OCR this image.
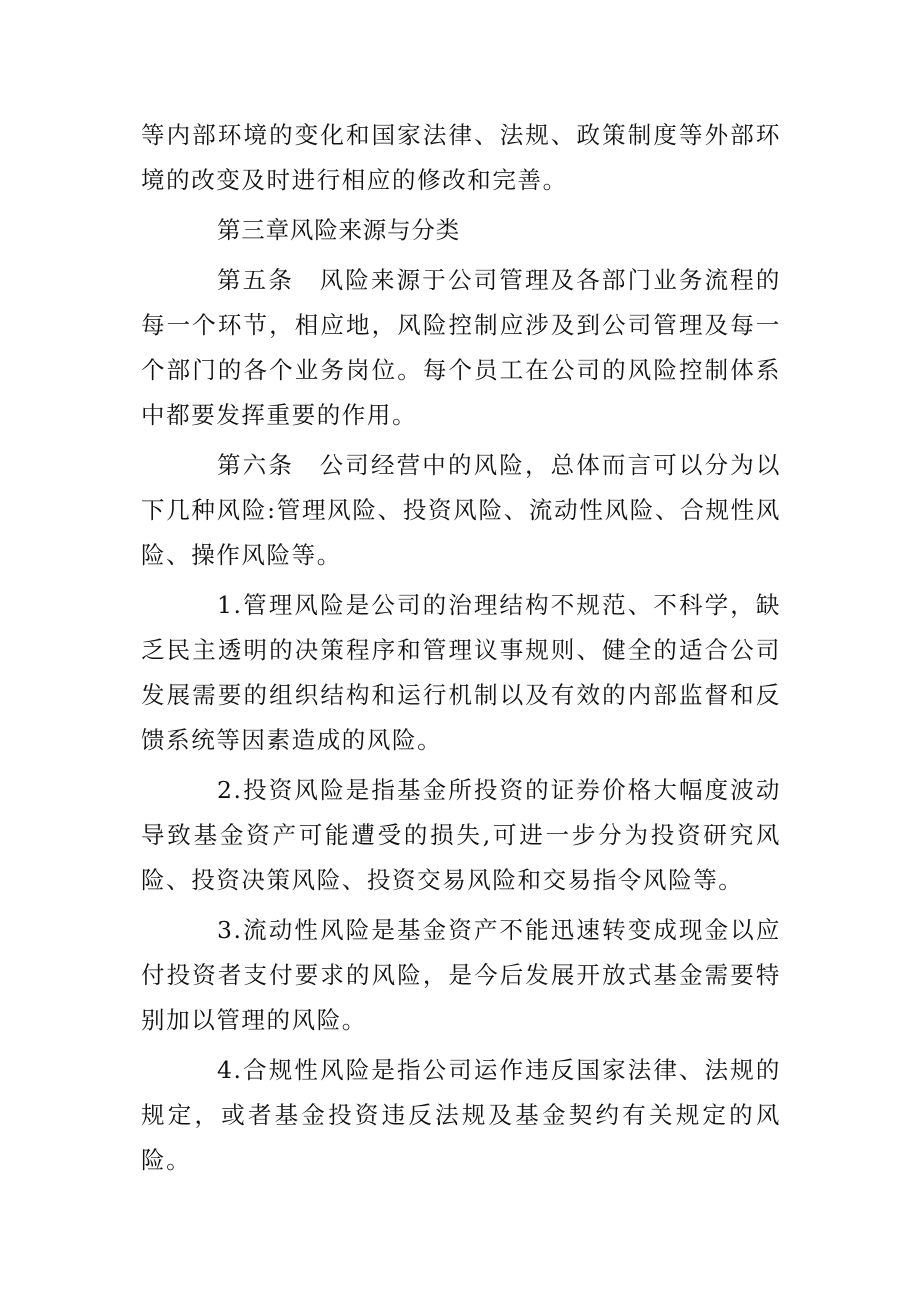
等内部环境的变化和国家法律、法规、政策制度等外部环境的改变及时进行相应的修改和完善。

第三章风险来源与分类

第五条　风险来源于公司管理及各部门业务流程的每一个环节，相应地，风险控制应涉及到公司管理及每一个部门的各个业务岗位。每个员工在公司的风险控制体系中都要发挥重要的作用。

第六条　公司经营中的风险，总体而言可以分为以下几种风险:管理风险、投资风险、流动性风险、合规性风险、操作风险等。

1.管理风险是公司的治理结构不规范、不科学，缺乏民主透明的决策程序和管理议事规则、健全的适合公司发展需要的组织结构和运行机制以及有效的内部监督和反馈系统等因素造成的风险。

2.投资风险是指基金所投资的证券价格大幅度波动导致基金资产可能遭受的损失,可进一步分为投资研究风险、投资决策风险、投资交易风险和交易指令风险等。

3.流动性风险是基金资产不能迅速转变成现金以应付投资者支付要求的风险，是今后发展开放式基金需要特别加以管理的风险。

4.合规性风险是指公司运作违反国家法律、法规的规定，或者基金投资违反法规及基金契约有关规定的风险。
